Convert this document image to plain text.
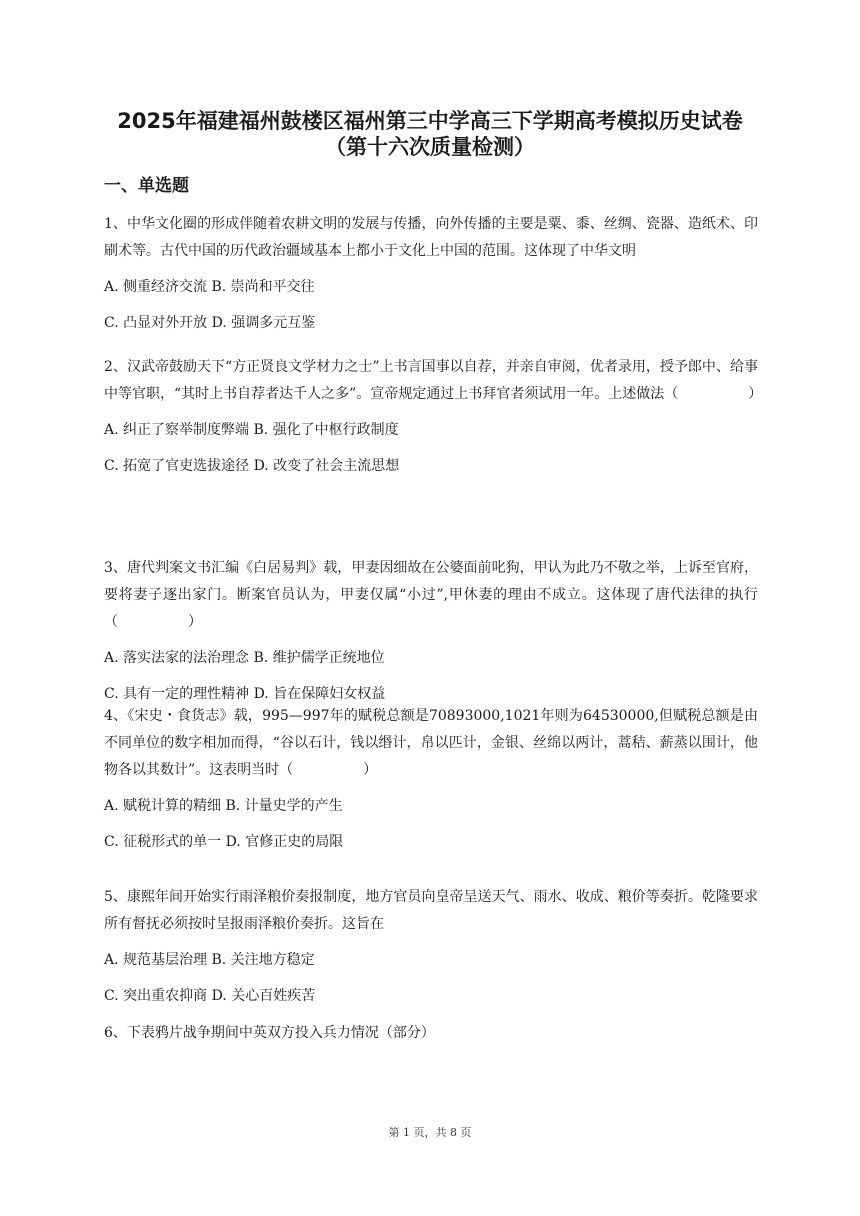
2025年福建福州鼓楼区福州第三中学高三下学期高考模拟历史试卷
（第十六次质量检测）
一、单选题

1、中华文化圈的形成伴随着农耕文明的发展与传播，向外传播的主要是粟、黍、丝绸、瓷器、造纸术、印刷术等。古代中国的历代政治疆域基本上都小于文化上中国的范围。这体现了中华文明

A. 侧重经济交流 B. 崇尚和平交往

C. 凸显对外开放 D. 强调多元互鉴

2、汉武帝鼓励天下“方正贤良文学材力之士”上书言国事以自荐，并亲自审阅，优者录用，授予郎中、给事中等官职，“其时上书自荐者达千人之多”。宣帝规定通过上书拜官者须试用一年。上述做法（　　　　　）

A. 纠正了察举制度弊端 B. 强化了中枢行政制度

C. 拓宽了官吏选拔途径 D. 改变了社会主流思想

3、唐代判案文书汇编《白居易判》载，甲妻因细故在公婆面前叱狗，甲认为此乃不敬之举，上诉至官府，要将妻子逐出家门。断案官员认为，甲妻仅属“小过”,甲休妻的理由不成立。这体现了唐代法律的执行（　　　　　）

A. 落实法家的法治理念 B. 维护儒学正统地位

C. 具有一定的理性精神 D. 旨在保障妇女权益

4、《宋史・食货志》载，995—997年的赋税总额是70893000,1021年则为64530000,但赋税总额是由不同单位的数字相加而得，“谷以石计，钱以缗计，帛以匹计，金银、丝绵以两计，蒿秸、薪蒸以围计，他物各以其数计”。这表明当时（　　　　　）

A. 赋税计算的精细 B. 计量史学的产生

C. 征税形式的单一 D. 官修正史的局限

5、康熙年间开始实行雨泽粮价奏报制度，地方官员向皇帝呈送天气、雨水、收成、粮价等奏折。乾隆要求所有督抚必须按时呈报雨泽粮价奏折。这旨在

A. 规范基层治理 B. 关注地方稳定

C. 突出重农抑商 D. 关心百姓疾苦

6、下表鸦片战争期间中英双方投入兵力情况（部分）

第 1 页，共 8 页
